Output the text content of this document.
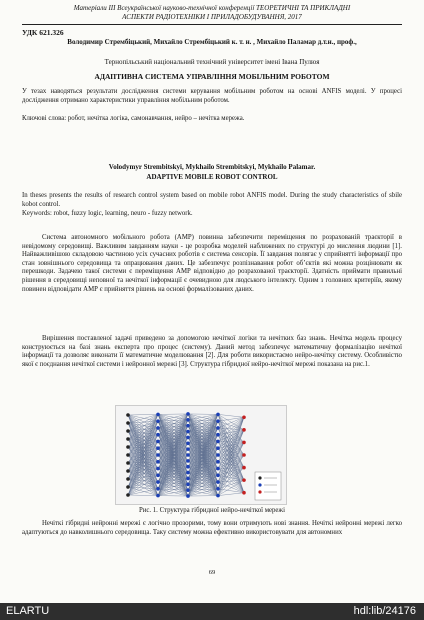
Матеріали ІІІ Всеукраїнської науково-технічної конференції ТЕОРЕТИЧНІ ТА ПРИКЛАДНІ
АСПЕКТИ РАДІОТЕХНІКИ І ПРИЛАДОБУДУВАННЯ, 2017

УДК 621.326

Володимир Стрембіцький, Михайло Стрембіцький к. т. н. , Михайло Паламар д.т.н., проф.,

Тернопільський національний технічний університет імені Івана Пулюя

АДАПТИВНА СИСТЕМА УПРАВЛІННЯ МОБІЛЬНИМ РОБОТОМ

У тезах наводяться результати дослідження системи керування мобільним роботом на основі ANFIS моделі. У процесі дослідження отримано характеристики управління мобільним роботом.

Ключові слова: робот, нечітка логіка, самонавчання, нейро – нечітка мережа.

Volodymyr Strembitskyi, Mykhailo Strembitskyi, Mykhailo Palamar.

ADAPTIVE MOBILE ROBOT CONTROL

In theses presents the results of research control system based on mobile robot ANFIS model. During the study characteristics of sbile kobot control.

Keywords: robot, fuzzy logic, learning, neuro - fuzzy network.

Система автономного мобільного робота (АМР) повинна забезпечити переміщення по розрахованій траєкторії в невідомому середовищі. Важливим завданням науки - це розробка моделей наближених по структурі до мислення людини [1]. Найважливішою складовою частиною усіх сучасних роботів є система сенсорів. Її завдання полягає у сприйнятті інформації про стан зовнішнього середовища та опрацювання даних. Це забезпечує розпізнавання робот обʼєктів які можна розцінювати як перешкоди. Задачею такої системи є переміщення АМР відповідно до розрахованої траєкторії. Здатність приймати правильні рішення в середовищі неповної та нечіткої інформації є очевидною для людського інтелекту. Одним з головних критеріїв, якому повинен відповідати АМР є прийняття рішень на основі формалізованих даних.

Вирішення поставленої задачі приведено за допомогою нечіткої логіки та нечітких баз знань. Нечітка модель процесу конструюється на базі знань експерта про процес (систему). Даний метод забезпечує математичну формалізацію нечіткої інформації та дозволяє виконати її математичне моделювання [2]. Для роботи використаємо нейро-нечітку систему. Особливістю якої є поєднання нечіткої системи і нейронної мережі [3]. Структура гібридної нейро-нечіткої мережі показана на рис.1.

Рис. 1. Структура гібридної нейро-нечіткої мережі

Нечіткі гібридні нейронні мережі є логічно прозорими, тому вони отримують нові знання. Нечіткі нейронні мережі легко адаптуються до навколишнього середовища. Таку систему можна ефективно використовувати для автономних

69

ELARTU	hdl:lib/24176
